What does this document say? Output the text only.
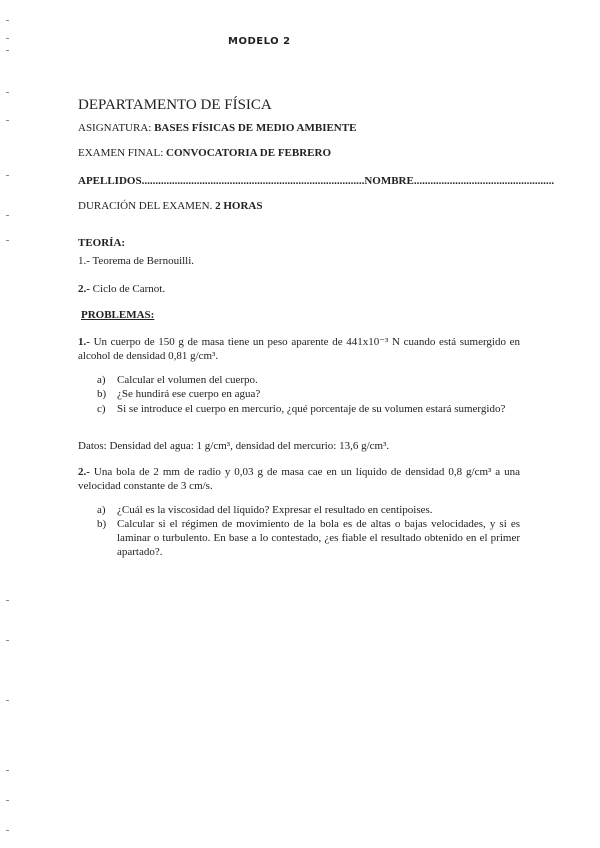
MODELO 2
DEPARTAMENTO DE FÍSICA
ASIGNATURA: BASES FÍSICAS DE MEDIO AMBIENTE
EXAMEN FINAL: CONVOCATORIA DE FEBRERO
APELLIDOS.................................................................................NOMBRE...................................................
DURACIÓN DEL EXAMEN. 2 HORAS
TEORÍA:
1.- Teorema de Bernouilli.
2.- Ciclo de Carnot.
PROBLEMAS:
1.- Un cuerpo de 150 g de masa tiene un peso aparente de 441x10⁻³ N cuando está sumergido en alcohol de densidad 0,81 g/cm³.
a) Calcular el volumen del cuerpo.
b) ¿Se hundirá ese cuerpo en agua?
c) Si se introduce el cuerpo en mercurio, ¿qué porcentaje de su volumen estará sumergido?
Datos: Densidad del agua: 1 g/cm³, densidad del mercurio: 13,6 g/cm³.
2.- Una bola de 2 mm de radio y 0,03 g de masa cae en un líquido de densidad 0,8 g/cm³ a una velocidad constante de 3 cm/s.
a) ¿Cuál es la viscosidad del líquido? Expresar el resultado en centipoises.
b) Calcular si el régimen de movimiento de la bola es de altas o bajas velocidades, y si es laminar o turbulento. En base a lo contestado, ¿es fiable el resultado obtenido en el primer apartado?.
